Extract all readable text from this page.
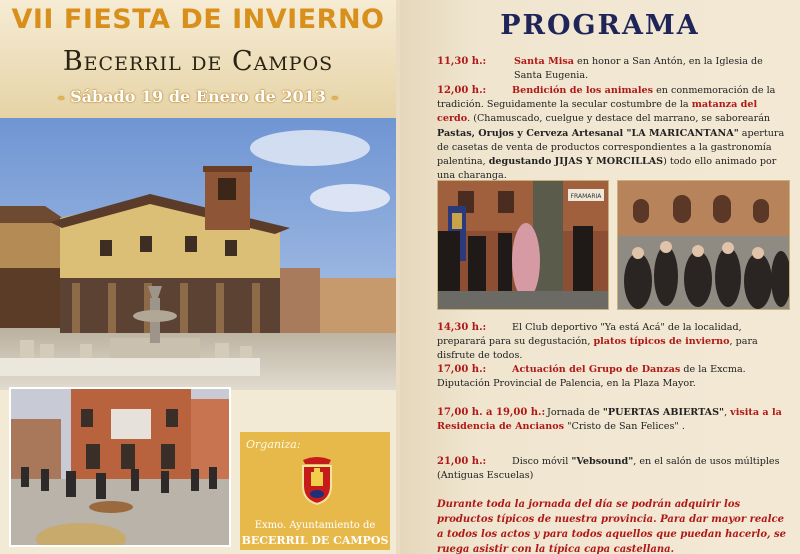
VII FIESTA DE INVIERNO
Becerril de Campos
- Sábado 19 de Enero de 2013 -
Organiza:
Exmo. Ayuntamiento de
BECERRIL DE CAMPOS
PROGRAMA
11,30 h.:	Santa Misa en honor a San Antón, en la Iglesia de Santa Eugenia.
12,00 h.:	Bendición de los animales en conmemoración de la tradición. Seguidamente la secular costumbre de la matanza del cerdo. (Chamuscado, cuelgue y destace del marrano, se saborearán Pastas, Orujos y Cerveza Artesanal "LA MARICANTANA" apertura de casetas de venta de productos correspondientes a la gastronomía palentina, degustando JIJAS Y MORCILLAS) todo ello animado por una charanga.
14,30 h.:	El Club deportivo "Ya está Acá" de la localidad, preparará para su degustación, platos típicos de invierno, para disfrute de todos.
17,00 h.:	Actuación del Grupo de Danzas de la Excma. Diputación Provincial de Palencia, en la Plaza Mayor.
17,00 h. a 19,00 h.: Jornada de "PUERTAS ABIERTAS", visita a la Residencia de Ancianos "Cristo de San Felices" .
21,00 h.:	Disco móvil "Vebsound", en el salón de usos múltiples (Antiguas Escuelas)
Durante toda la jornada del día se podrán adquirir los productos típicos de nuestra provincia. Para dar mayor realce a todos los actos y para todos aquellos que puedan hacerlo, se ruega asistir con la típica capa castellana.
FRAMARIA
